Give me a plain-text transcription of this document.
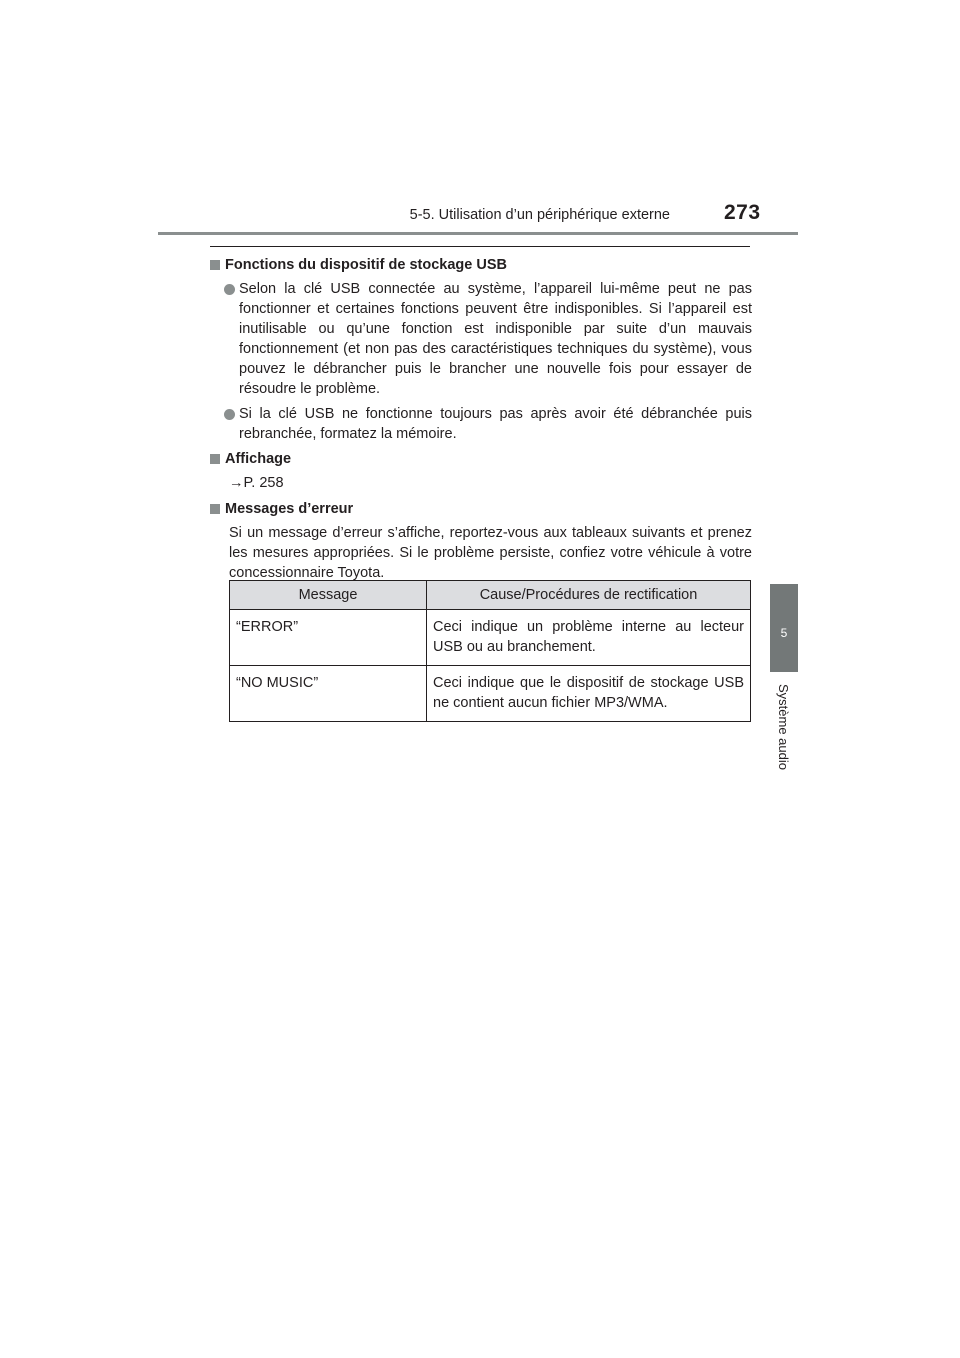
5-5. Utilisation d’un périphérique externe	273
5
Système audio
Fonctions du dispositif de stockage USB
Selon la clé USB connectée au système, l’appareil lui-même peut ne pas fonctionner et certaines fonctions peuvent être indisponibles. Si l’appareil est inutilisable ou qu’une fonction est indisponible par suite d’un mauvais fonctionnement (et non pas des caractéristiques techniques du système), vous pouvez le débrancher puis le brancher une nouvelle fois pour essayer de résoudre le problème.
Si la clé USB ne fonctionne toujours pas après avoir été débranchée puis rebranchée, formatez la mémoire.
Affichage
→P. 258
Messages d’erreur
Si un message d’erreur s’affiche, reportez-vous aux tableaux suivants et prenez les mesures appropriées. Si le problème persiste, confiez votre véhicule à votre concessionnaire Toyota.
Message	Cause/Procédures de rectification
“ERROR”	Ceci indique un problème interne au lecteur USB ou au branchement.
“NO MUSIC”	Ceci indique que le dispositif de stockage USB ne contient aucun fichier MP3/WMA.
